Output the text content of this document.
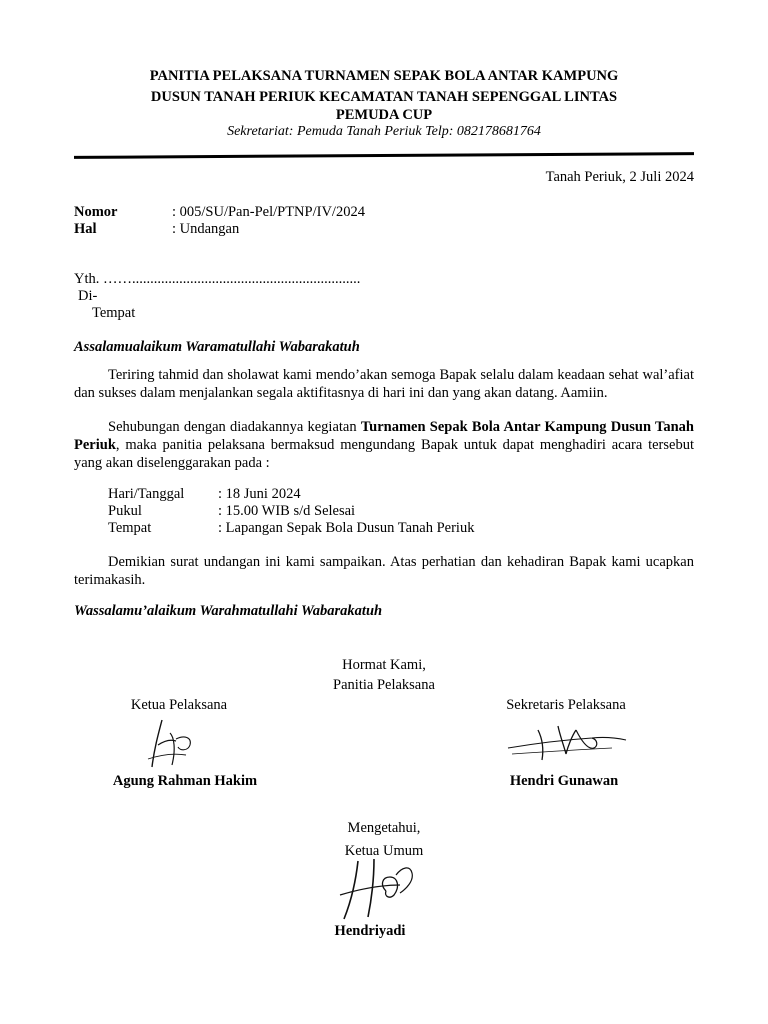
PANITIA PELAKSANA TURNAMEN SEPAK BOLA ANTAR KAMPUNG
DUSUN TANAH PERIUK KECAMATAN TANAH SEPENGGAL LINTAS
PEMUDA CUP
Sekretariat: Pemuda Tanah Periuk Telp: 082178681764
Tanah Periuk, 2 Juli 2024
Nomor	: 005/SU/Pan-Pel/PTNP/IV/2024
Hal	: Undangan
Yth. ……...............................................................
Di-
Tempat
Assalamualaikum Waramatullahi Wabarakatuh
Teriring tahmid dan sholawat kami mendo’akan semoga Bapak selalu dalam keadaan sehat wal’afiat dan sukses dalam menjalankan segala aktifitasnya di hari ini dan yang akan datang. Aamiin.
Sehubungan dengan diadakannya kegiatan Turnamen Sepak Bola Antar Kampung Dusun Tanah Periuk, maka panitia pelaksana bermaksud mengundang Bapak untuk dapat menghadiri acara tersebut yang akan diselenggarakan pada :
Hari/Tanggal : 18 Juni 2024
Pukul	: 15.00 WIB s/d Selesai
Tempat	: Lapangan Sepak Bola Dusun Tanah Periuk
Demikian surat undangan ini kami sampaikan. Atas perhatian dan kehadiran Bapak kami ucapkan terimakasih.
Wassalamu’alaikum Warahmatullahi Wabarakatuh
Hormat Kami,
Panitia Pelaksana
Ketua Pelaksana
Agung Rahman Hakim
Sekretaris Pelaksana
Hendri Gunawan
Mengetahui,
Ketua Umum
Hendriyadi
